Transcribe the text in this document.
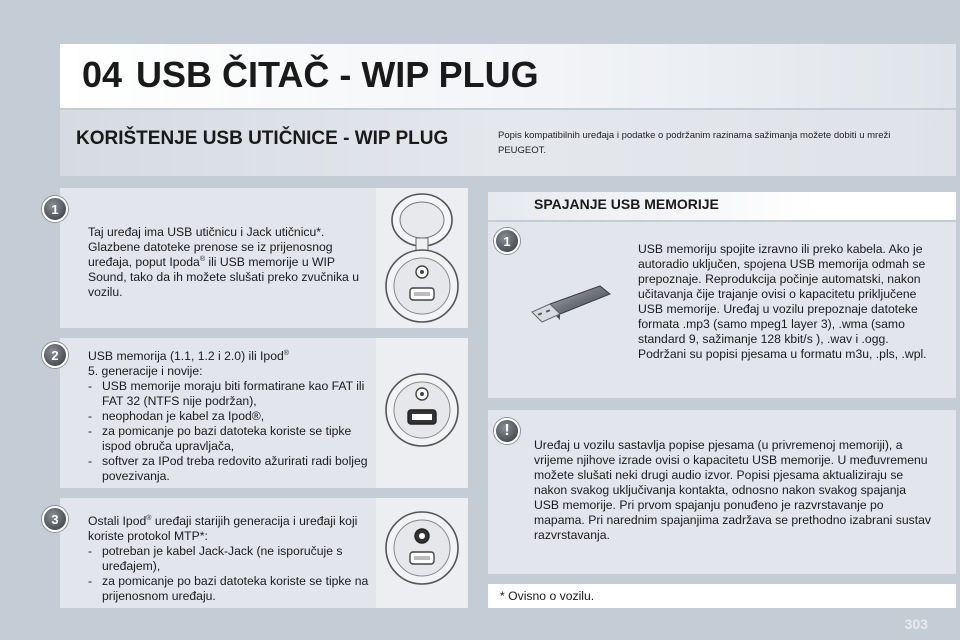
04 USB ČITAČ - WIP PLUG
KORIŠTENJE USB UTIČNICE - WIP PLUG	Popis kompatibilnih uređaja i podatke o podržanim razinama sažimanja možete dobiti u mreži PEUGEOT.
1
Taj uređaj ima USB utičnicu i Jack utičnicu*. Glazbene datoteke prenose se iz prijenosnog uređaja, poput Ipoda® ili USB memorije u WIP Sound, tako da ih možete slušati preko zvučnika u vozilu.
2	USB memorija (1.1, 1.2 i 2.0) ili Ipod®
5. generacije i novije:
- USB memorije moraju biti formatirane kao FAT ili FAT 32 (NTFS nije podržan),
- neophodan je kabel za Ipod®,
- za pomicanje po bazi datoteka koriste se tipke ispod obruča upravljača,
- softver za IPod treba redovito ažurirati radi boljeg povezivanja.
3	Ostali Ipod® uređaji starijih generacija i uređaji koji koriste protokol MTP*:
- potreban je kabel Jack-Jack (ne isporučuje s uređajem),
- za pomicanje po bazi datoteka koriste se tipke na prijenosnom uređaju.
SPAJANJE USB MEMORIJE
1
USB memoriju spojite izravno ili preko kabela. Ako je autoradio uključen, spojena USB memorija odmah se prepoznaje. Reprodukcija počinje automatski, nakon učitavanja čije trajanje ovisi o kapacitetu priključene USB memorije. Uređaj u vozilu prepoznaje datoteke formata .mp3 (samo mpeg1 layer 3), .wma (samo standard 9, sažimanje 128 kbit/s ), .wav i .ogg. Podržani su popisi pjesama u formatu m3u, .pls, .wpl.
!
Uređaj u vozilu sastavlja popise pjesama (u privremenoj memoriji), a vrijeme njihove izrade ovisi o kapacitetu USB memorije. U međuvremenu možete slušati neki drugi audio izvor. Popisi pjesama aktualiziraju se nakon svakog uključivanja kontakta, odnosno nakon svakog spajanja USB memorije. Pri prvom spajanju ponuđeno je razvrstavanje po mapama. Pri narednim spajanjima zadržava se prethodno izabrani sustav razvrstavanja.
* Ovisno o vozilu.
303
